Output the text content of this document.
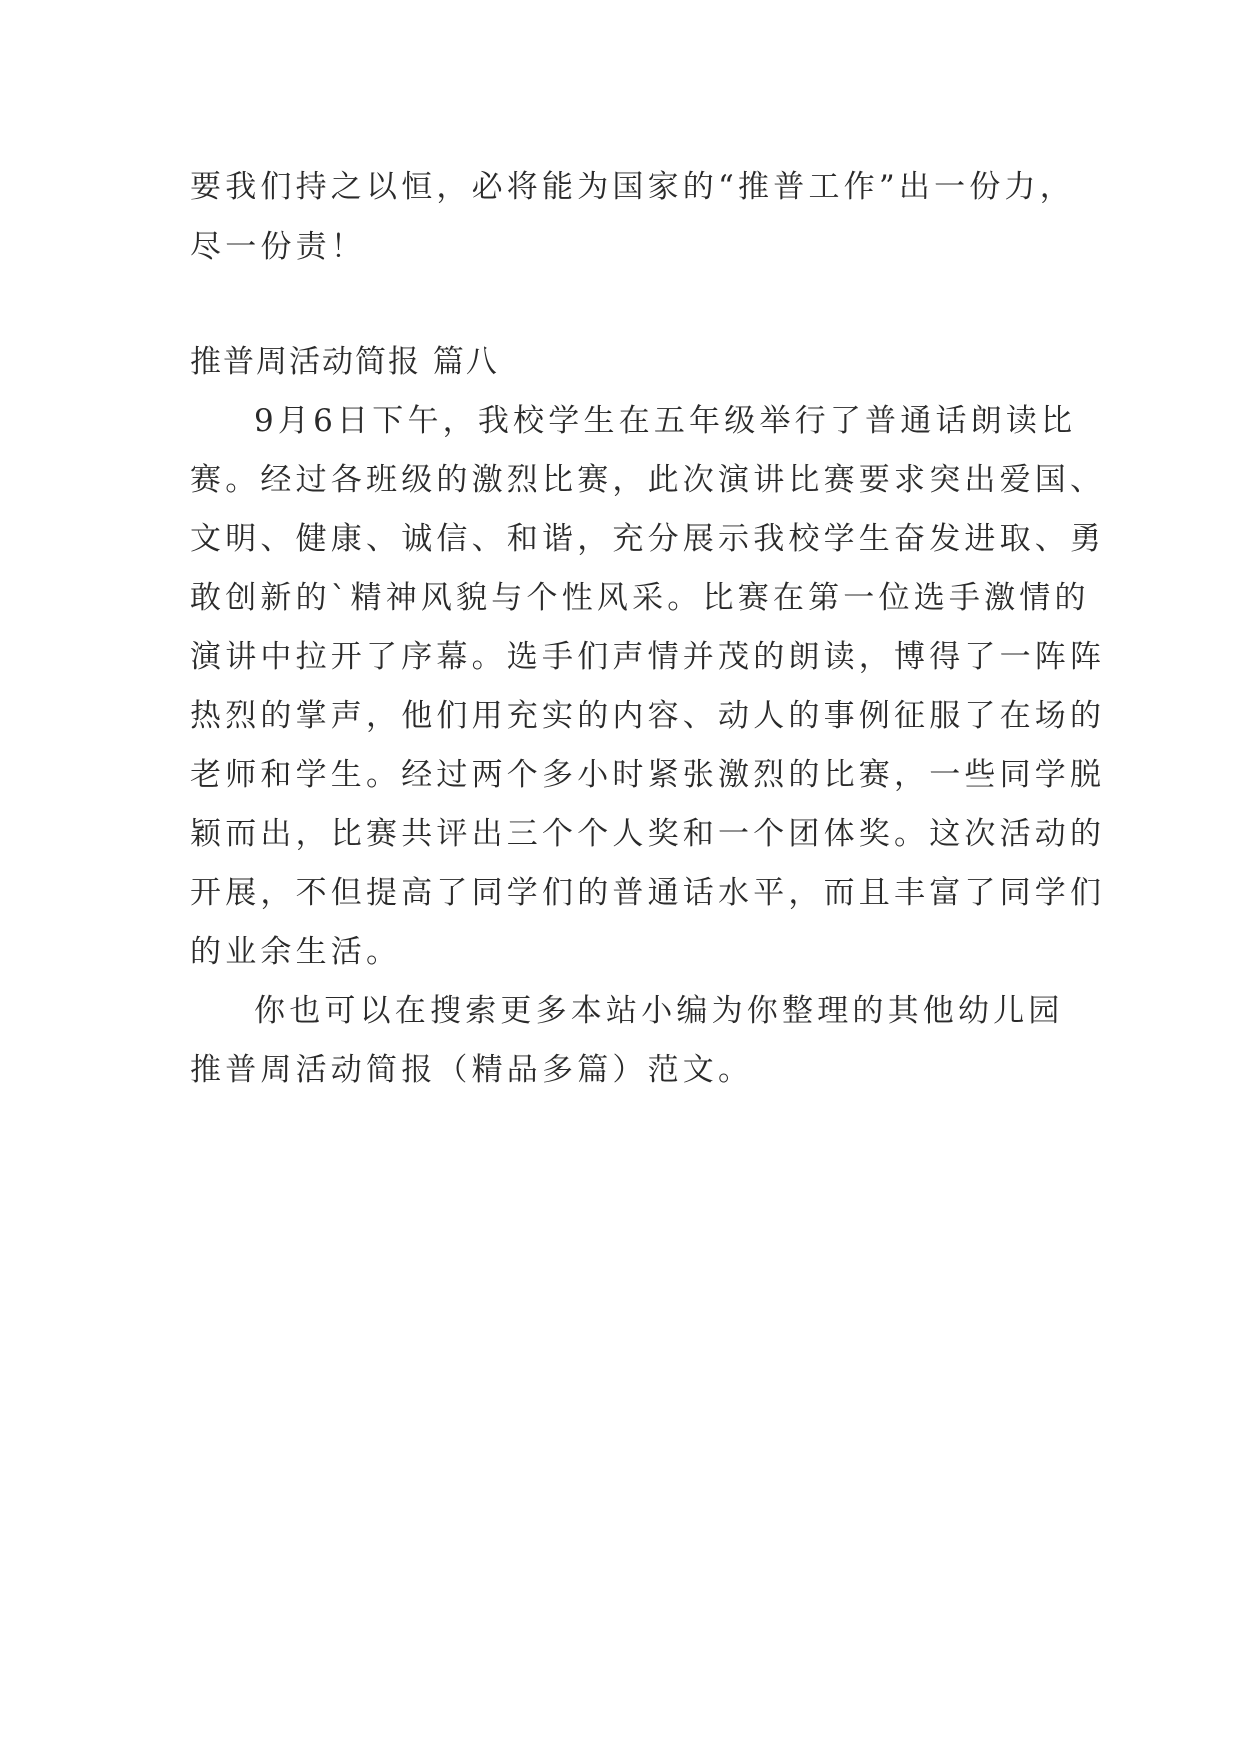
要我们持之以恒，必将能为国家的“推普工作”出一份力，

尽一份责！

推普周活动简报 篇八

9月6日下午，我校学生在五年级举行了普通话朗读比

赛。经过各班级的激烈比赛，此次演讲比赛要求突出爱国、

文明、健康、诚信、和谐，充分展示我校学生奋发进取、勇

敢创新的`精神风貌与个性风采。比赛在第一位选手激情的

演讲中拉开了序幕。选手们声情并茂的朗读，博得了一阵阵

热烈的掌声，他们用充实的内容、动人的事例征服了在场的

老师和学生。经过两个多小时紧张激烈的比赛，一些同学脱

颖而出，比赛共评出三个个人奖和一个团体奖。这次活动的

开展，不但提高了同学们的普通话水平，而且丰富了同学们

的业余生活。

你也可以在搜索更多本站小编为你整理的其他幼儿园

推普周活动简报（精品多篇）范文。
